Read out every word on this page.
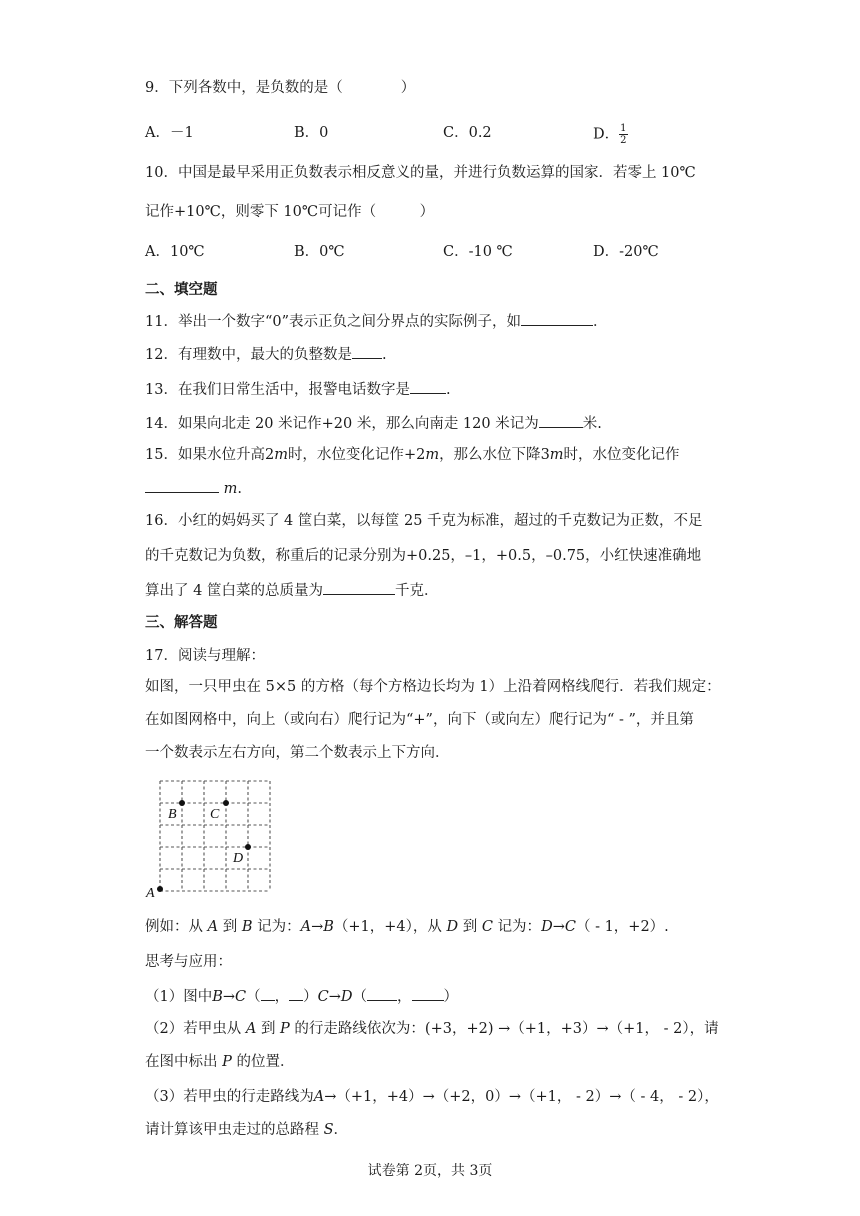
9．下列各数中，是负数的是（　　　　）
A．－1	B．0	C．0.2	D． $\frac{1}{2}$
10．中国是最早采用正负数表示相反意义的量，并进行负数运算的国家．若零上 10℃
记作+10℃，则零下 10℃可记作（　　　）
A．10℃	B．0℃	C．-10 ℃	D．-20℃
二、填空题
11．举出一个数字“0”表示正负之间分界点的实际例子，如	．
12．有理数中，最大的负整数是 .
13．在我们日常生活中，报警电话数字是 .
14．如果向北走 20 米记作+20 米，那么向南走 120 米记为	米.
15．如果水位升高2m时，水位变化记作+2m，那么水位下降3m时，水位变化记作
m.
16．小红的妈妈买了 4 筐白菜，以每筐 25 千克为标准，超过的千克数记为正数，不足
的千克数记为负数，称重后的记录分别为+0.25，–1，+0.5，–0.75，小红快速准确地
算出了 4 筐白菜的总质量为	千克．
三、解答题
17．阅读与理解：
如图，一只甲虫在 5×5 的方格（每个方格边长均为 1）上沿着网格线爬行．若我们规定：
在如图网格中，向上（或向右）爬行记为“+”，向下（或向左）爬行记为“ - ”，并且第
一个数表示左右方向，第二个数表示上下方向．
A
B C
D
例如：从 A 到 B 记为：A→B（+1，+4），从 D 到 C 记为：D→C（ - 1，+2）.
思考与应用：
（1）图中B→C（ ， ）C→D（ ， ）
（2）若甲虫从 A 到 P 的行走路线依次为：(+3，+2) →（+1，+3）→（+1， - 2），请
在图中标出 P 的位置．
（3）若甲虫的行走路线为A→（+1，+4）→（+2，0）→（+1， - 2）→（ - 4， - 2），
请计算该甲虫走过的总路程 S．
试卷第 2页，共 3页
